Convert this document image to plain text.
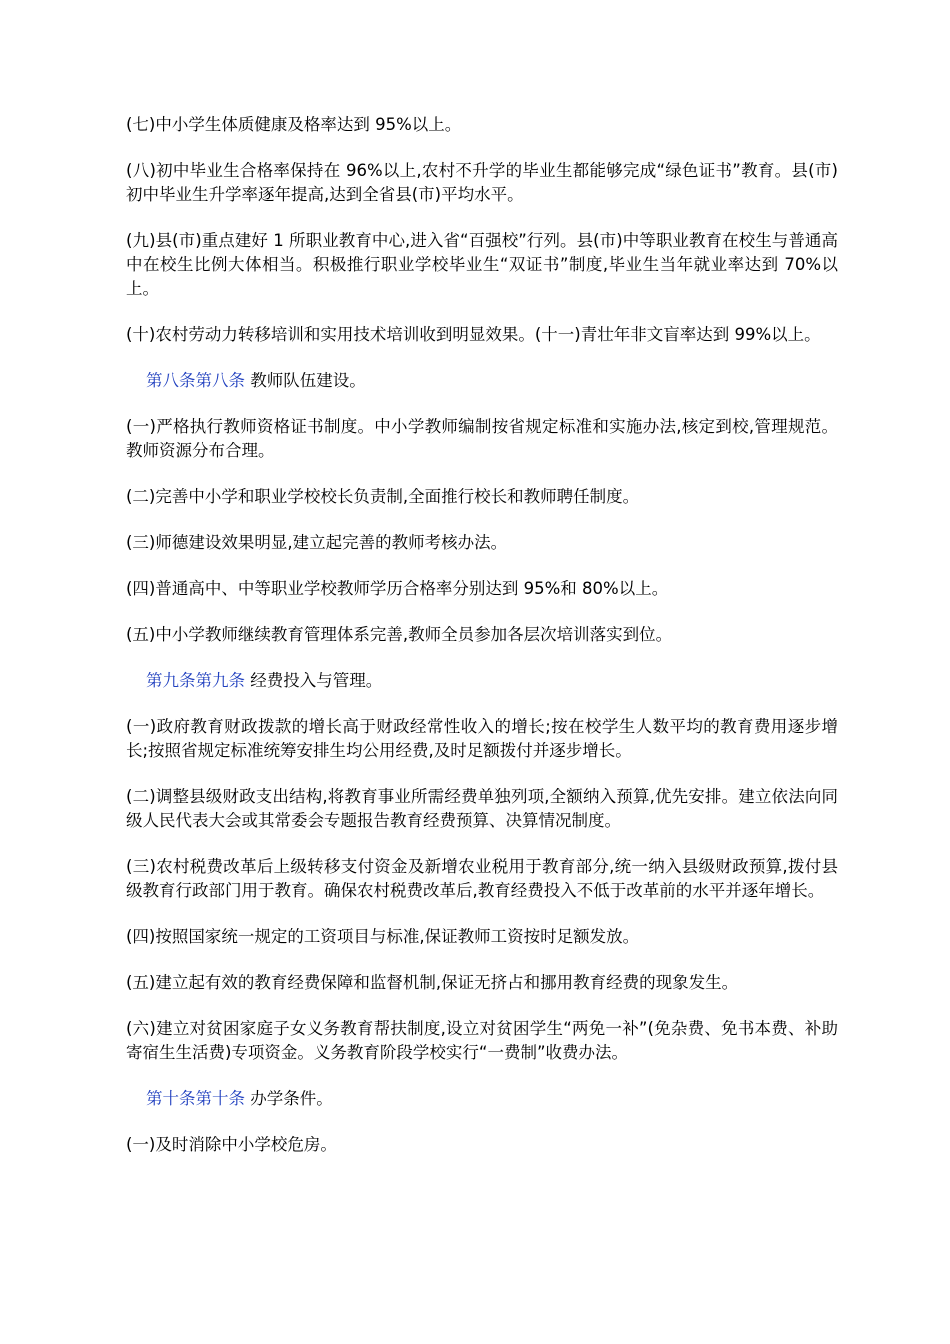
(七)中小学生体质健康及格率达到 95%以上。

(八)初中毕业生合格率保持在 96%以上,农村不升学的毕业生都能够完成“绿色证书”教育。县(市)初中毕业生升学率逐年提高,达到全省县(市)平均水平。

(九)县(市)重点建好 1 所职业教育中心,进入省“百强校”行列。县(市)中等职业教育在校生与普通高中在校生比例大体相当。积极推行职业学校毕业生“双证书”制度,毕业生当年就业率达到 70%以上。

(十)农村劳动力转移培训和实用技术培训收到明显效果。(十一)青壮年非文盲率达到 99%以上。

第八条第八条 教师队伍建设。

(一)严格执行教师资格证书制度。中小学教师编制按省规定标准和实施办法,核定到校,管理规范。教师资源分布合理。

(二)完善中小学和职业学校校长负责制,全面推行校长和教师聘任制度。

(三)师德建设效果明显,建立起完善的教师考核办法。

(四)普通高中、中等职业学校教师学历合格率分别达到 95%和 80%以上。

(五)中小学教师继续教育管理体系完善,教师全员参加各层次培训落实到位。

第九条第九条 经费投入与管理。

(一)政府教育财政拨款的增长高于财政经常性收入的增长;按在校学生人数平均的教育费用逐步增长;按照省规定标准统筹安排生均公用经费,及时足额拨付并逐步增长。

(二)调整县级财政支出结构,将教育事业所需经费单独列项,全额纳入预算,优先安排。建立依法向同级人民代表大会或其常委会专题报告教育经费预算、决算情况制度。

(三)农村税费改革后上级转移支付资金及新增农业税用于教育部分,统一纳入县级财政预算,拨付县级教育行政部门用于教育。确保农村税费改革后,教育经费投入不低于改革前的水平并逐年增长。

(四)按照国家统一规定的工资项目与标准,保证教师工资按时足额发放。

(五)建立起有效的教育经费保障和监督机制,保证无挤占和挪用教育经费的现象发生。

(六)建立对贫困家庭子女义务教育帮扶制度,设立对贫困学生“两免一补”(免杂费、免书本费、补助寄宿生生活费)专项资金。义务教育阶段学校实行“一费制”收费办法。

第十条第十条 办学条件。

(一)及时消除中小学校危房。
